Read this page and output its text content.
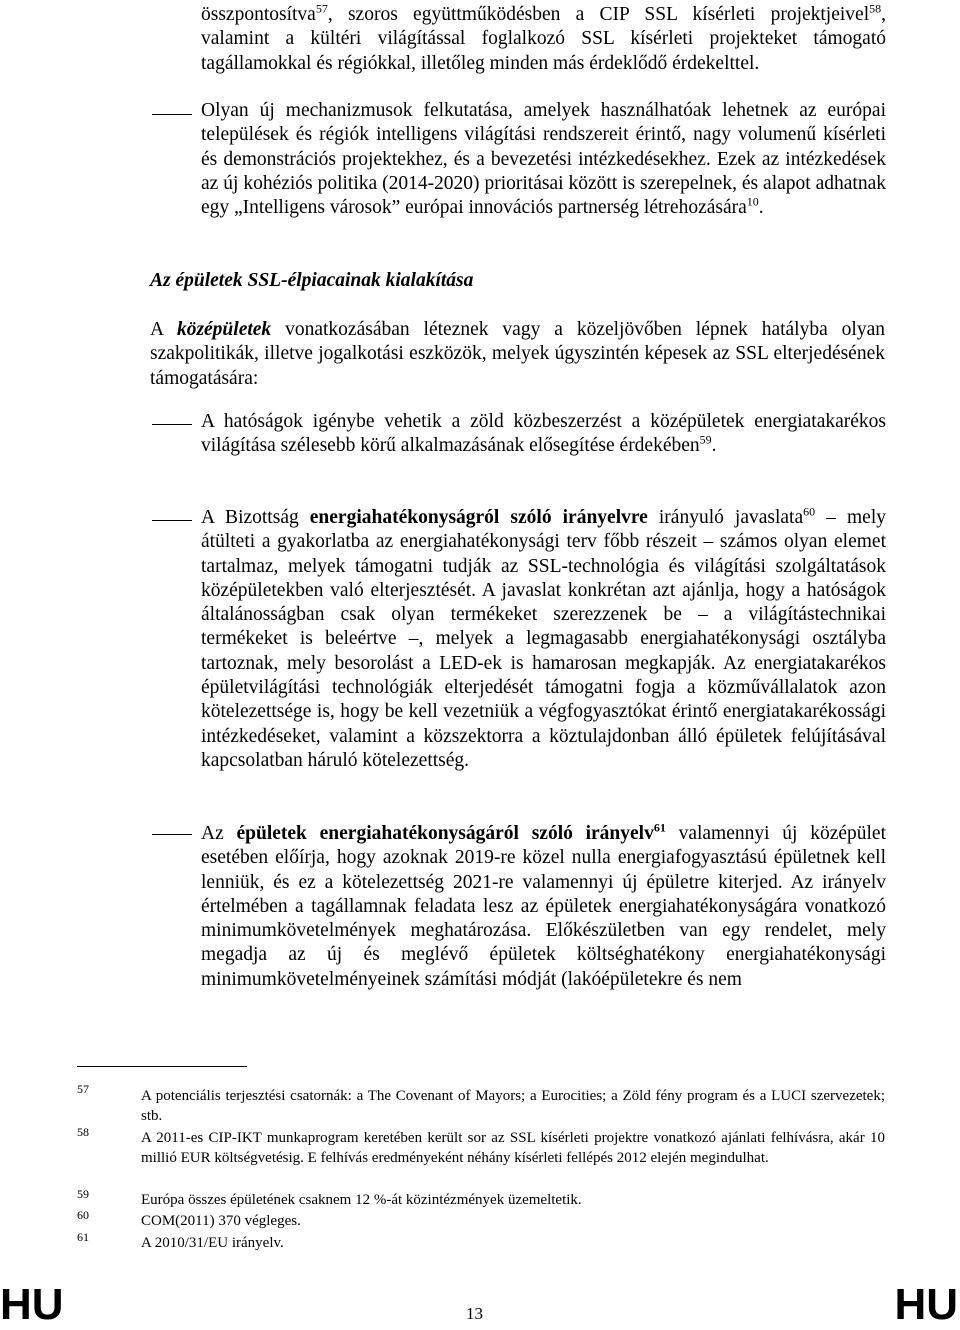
összpontosítva$^{57}$, szoros együttműködésben a CIP SSL kísérleti projektjeivel$^{58}$, valamint a kültéri világítással foglalkozó SSL kísérleti projekteket támogató tagállamokkal és régiókkal, illetőleg minden más érdeklődő érdekelttel.

Olyan új mechanizmusok felkutatása, amelyek használhatóak lehetnek az európai települések és régiók intelligens világítási rendszereit érintő, nagy volumenű kísérleti és demonstrációs projektekhez, és a bevezetési intézkedésekhez. Ezek az intézkedések az új kohéziós politika (2014-2020) prioritásai között is szerepelnek, és alapot adhatnak egy „Intelligens városok” európai innovációs partnerség létrehozására$^{10}$.

Az épületek SSL-élpiacainak kialakítása

A középületek vonatkozásában léteznek vagy a közeljövőben lépnek hatályba olyan szakpolitikák, illetve jogalkotási eszközök, melyek úgyszintén képesek az SSL elterjedésének támogatására:

A hatóságok igénybe vehetik a zöld közbeszerzést a középületek energiatakarékos világítása szélesebb körű alkalmazásának elősegítése érdekében$^{59}$.

A Bizottság energiahatékonyságról szóló irányelvre irányuló javaslata$^{60}$ – mely átülteti a gyakorlatba az energiahatékonysági terv főbb részeit – számos olyan elemet tartalmaz, melyek támogatni tudják az SSL-technológia és világítási szolgáltatások középületekben való elterjesztését. A javaslat konkrétan azt ajánlja, hogy a hatóságok általánosságban csak olyan termékeket szerezzenek be – a világítástechnikai termékeket is beleértve –, melyek a legmagasabb energiahatékonysági osztályba tartoznak, mely besorolást a LED-ek is hamarosan megkapják. Az energiatakarékos épületvilágítási technológiák elterjedését támogatni fogja a közművállalatok azon kötelezettsége is, hogy be kell vezetniük a végfogyasztókat érintő energiatakarékossági intézkedéseket, valamint a közszektorra a köztulajdonban álló épületek felújításával kapcsolatban háruló kötelezettség.

Az épületek energiahatékonyságáról szóló irányelv$^{61}$ valamennyi új középület esetében előírja, hogy azoknak 2019-re közel nulla energiafogyasztású épületnek kell lenniük, és ez a kötelezettség 2021-re valamennyi új épületre kiterjed. Az irányelv értelmében a tagállamnak feladata lesz az épületek energiahatékonyságára vonatkozó minimumkövetelmények meghatározása. Előkészületben van egy rendelet, mely megadja az új és meglévő épületek költséghatékony energiahatékonysági minimumkövetelményeinek számítási módját (lakóépületekre és nem

57	A potenciális terjesztési csatornák: a The Covenant of Mayors; a Eurocities; a Zöld fény program és a LUCI szervezetek; stb.
58	A 2011-es CIP-IKT munkaprogram keretében került sor az SSL kísérleti projektre vonatkozó ajánlati felhívásra, akár 10 millió EUR költségvetésig. E felhívás eredményeként néhány kísérleti fellépés 2012 elején megindulhat.
59	Európa összes épületének csaknem 12 %-át közintézmények üzemeltetik.
60	COM(2011) 370 végleges.
61	A 2010/31/EU irányelv.
HU	13	HU
